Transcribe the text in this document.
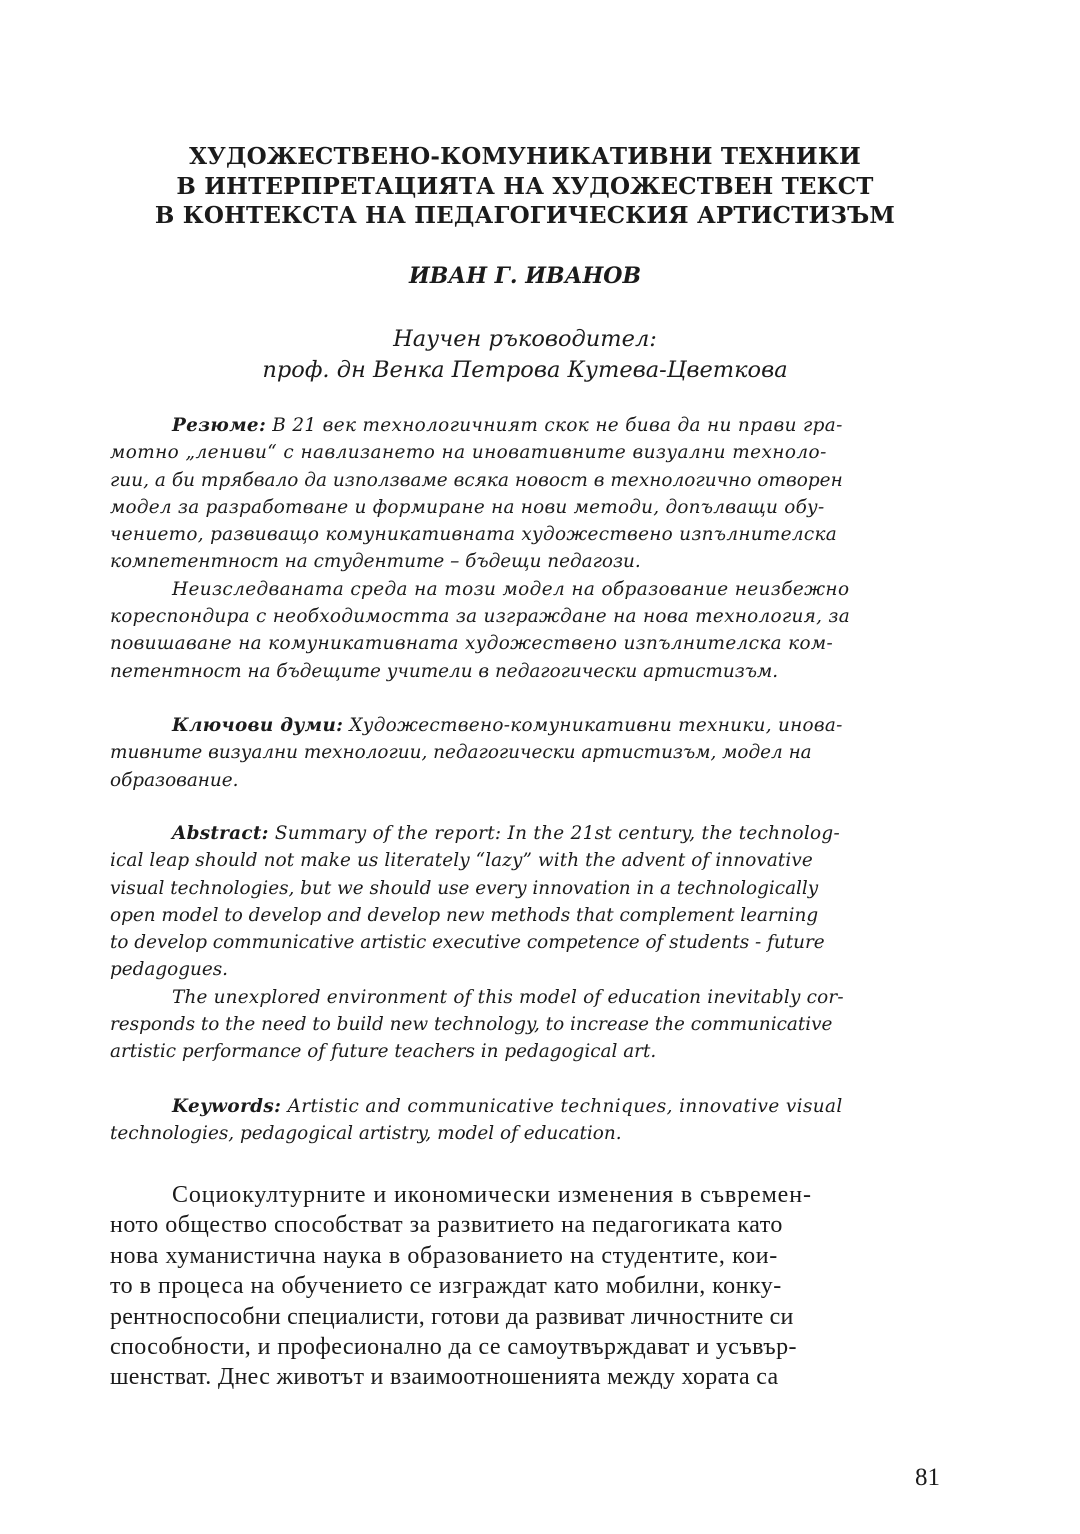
ХУДОЖЕСТВЕНО-КОМУНИКАТИВНИ ТЕХНИКИ
В ИНТЕРПРЕТАЦИЯТА НА ХУДОЖЕСТВЕН ТЕКСТ
В КОНТЕКСТА НА ПЕДАГОГИЧЕСКИЯ АРТИСТИЗЪМ
ИВАН Г. ИВАНОВ
Научен ръководител:
проф. дн Венка Петрова Кутева-Цветкова
Резюме: В 21 век технологичният скок не бива да ни прави гра-
мотно „лениви“ с навлизането на иновативните визуални техноло-
гии, а би трябвало да използваме всяка новост в технологично отворен
модел за разработване и формиране на нови методи, допълващи обу-
чението, развиващо комуникативната художествено изпълнителска
компетентност на студентите – бъдещи педагози.
Неизследваната среда на този модел на образование неизбежно
кореспондира с необходимостта за изграждане на нова технология, за
повишаване на комуникативната художествено изпълнителска ком-
петентност на бъдещите учители в педагогически артистизъм.
Ключови думи: Художествено-комуникативни техники, инова-
тивните визуални технологии, педагогически артистизъм, модел на
образование.
Abstract: Summary of the report: In the 21st century, the technolog-
ical leap should not make us literately “lazy” with the advent of innovative
visual technologies, but we should use every innovation in a technologically
open model to develop and develop new methods that complement learning
to develop communicative artistic executive competence of students - future
pedagogues.
The unexplored environment of this model of education inevitably cor-
responds to the need to build new technology, to increase the communicative
artistic performance of future teachers in pedagogical art.
Keywords: Artistic and communicative techniques, innovative visual
technologies, pedagogical artistry, model of education.
Социокултурните и икономически изменения в съвремен-
ното общество способстват за развитието на педагогиката като
нова хуманистична наука в образованието на студентите, кои-
то в процеса на обучението се изграждат като мобилни, конку-
рентноспособни специалисти, готови да развиват личностните си
способности, и професионално да се самоутвърждават и усъвър-
шенстват. Днес животът и взаимоотношенията между хората са
81
